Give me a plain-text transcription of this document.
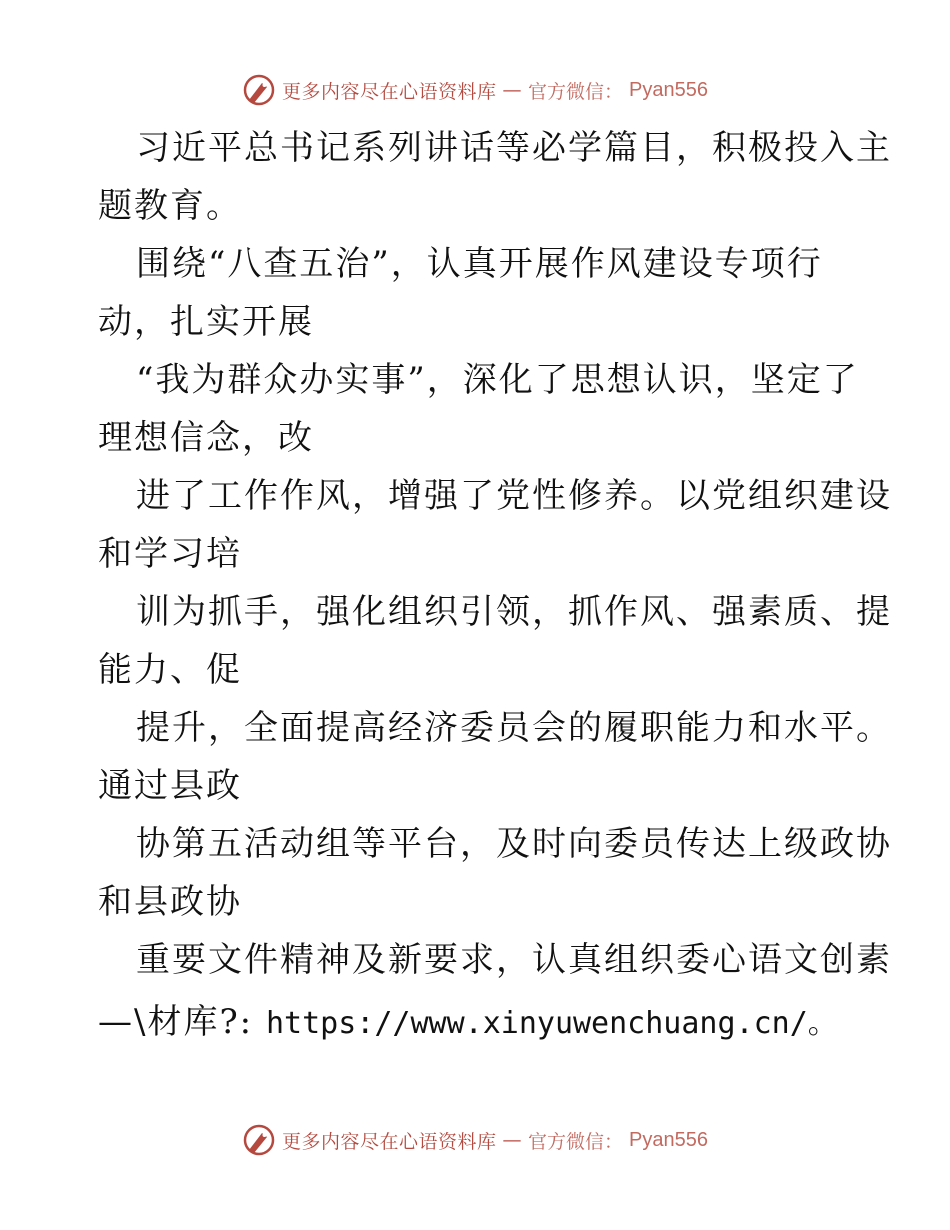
更多内容尽在心语资料库 — 官方微信： Pyan556
习近平总书记系列讲话等必学篇目，积极投入主
题教育。
围绕“八查五治”，认真开展作风建设专项行
动，扎实开展
“我为群众办实事”，深化了思想认识，坚定了
理想信念，改
进了工作作风，增强了党性修养。以党组织建设
和学习培
训为抓手，强化组织引领，抓作风、强素质、提
能力、促
提升，全面提高经济委员会的履职能力和水平。
通过县政
协第五活动组等平台，及时向委员传达上级政协
和县政协
重要文件精神及新要求，认真组织委心语文创素
—\材库?: https://www.xinyuwenchuang.cn/。
更多内容尽在心语资料库 — 官方微信： Pyan556
